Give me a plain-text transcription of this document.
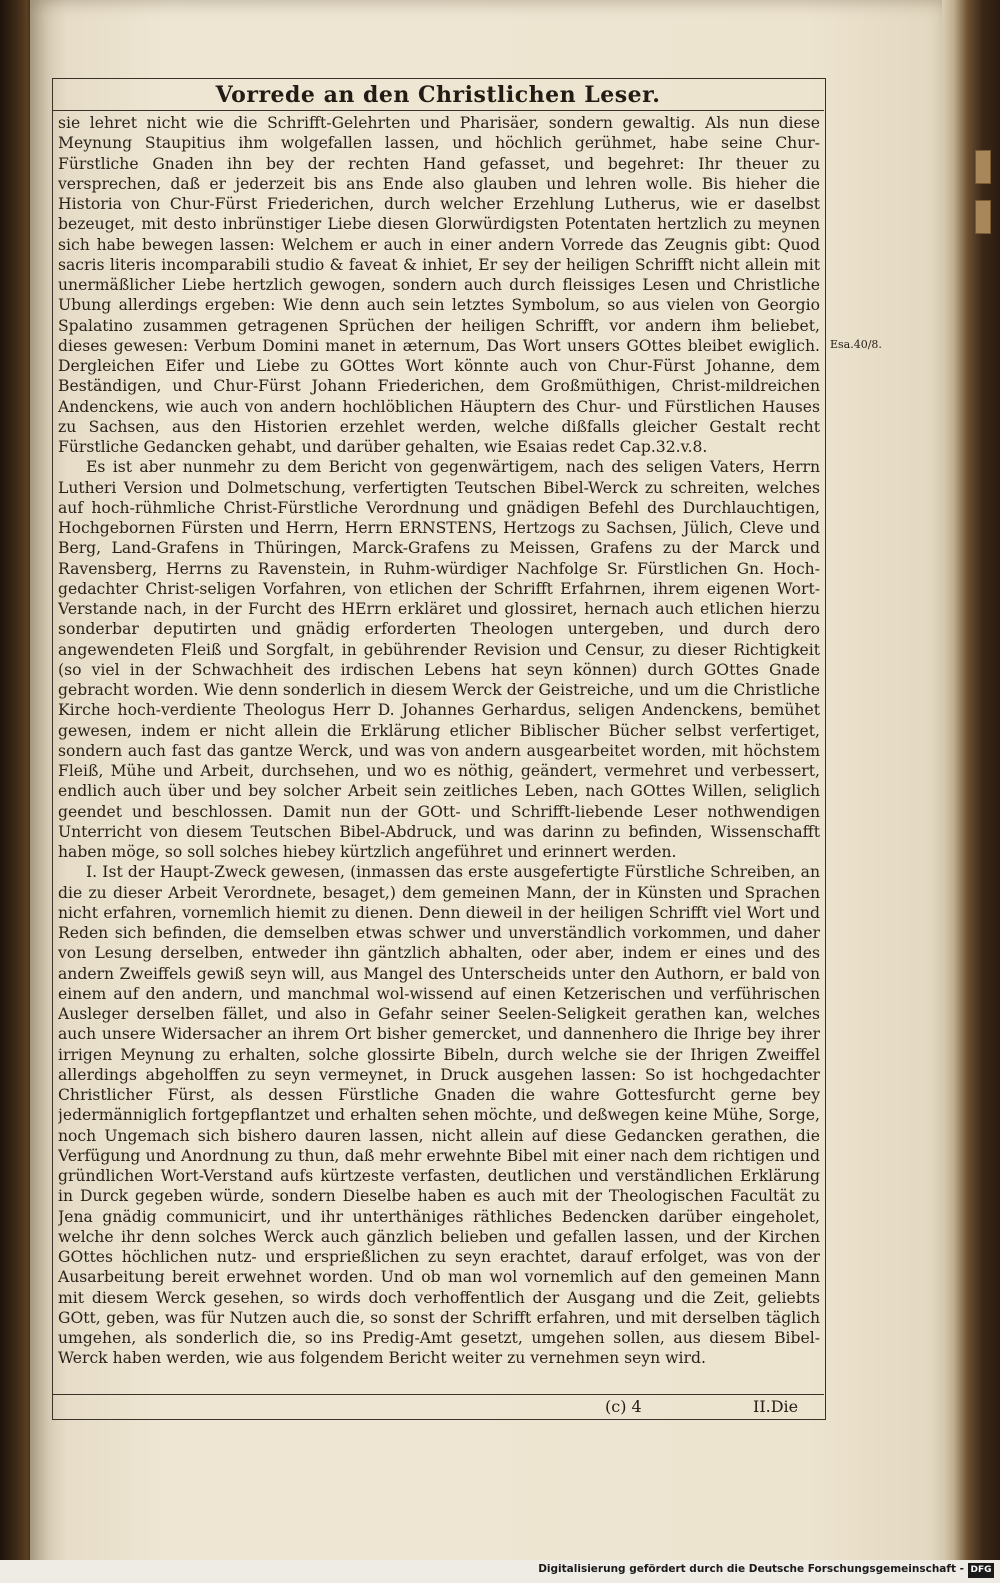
Vorrede an den Christlichen Leser.

sie lehret nicht wie die Schrifft-Gelehrten und Pharisäer, sondern gewaltig. Als nun diese Meynung Staupitius ihm wolgefallen lassen, und höchlich gerühmet, habe seine Chur-Fürstliche Gnaden ihn bey der rechten Hand gefasset, und begehret: Ihr theuer zu versprechen, daß er jederzeit bis ans Ende also glauben und lehren wolle. Bis hieher die Historia von Chur-Fürst Friederichen, durch welcher Erzehlung Lutherus, wie er daselbst bezeuget, mit desto inbrünstiger Liebe diesen Glorwürdigsten Potentaten hertzlich zu meynen sich habe bewegen lassen: Welchem er auch in einer andern Vorrede das Zeugnis gibt: Quod sacris literis incomparabili studio & faveat & inhiet, Er sey der heiligen Schrifft nicht allein mit unermäßlicher Liebe hertzlich gewogen, sondern auch durch fleissiges Lesen und Christliche Ubung allerdings ergeben: Wie denn auch sein letztes Symbolum, so aus vielen von Georgio Spalatino zusammen getragenen Sprüchen der heiligen Schrifft, vor andern ihm beliebet, dieses gewesen: Verbum Domini manet in æternum, Das Wort unsers GOttes bleibet ewiglich. Dergleichen Eifer und Liebe zu GOttes Wort könnte auch von Chur-Fürst Johanne, dem Beständigen, und Chur-Fürst Johann Friederichen, dem Großmüthigen, Christ-mildreichen Andenckens, wie auch von andern hochlöblichen Häuptern des Chur- und Fürstlichen Hauses zu Sachsen, aus den Historien erzehlet werden, welche dißfalls gleicher Gestalt recht Fürstliche Gedancken gehabt, und darüber gehalten, wie Esaias redet Cap.32.v.8.

Es ist aber nunmehr zu dem Bericht von gegenwärtigem, nach des seligen Vaters, Herrn Lutheri Version und Dolmetschung, verfertigten Teutschen Bibel-Werck zu schreiten, welches auf hoch-rühmliche Christ-Fürstliche Verordnung und gnädigen Befehl des Durchlauchtigen, Hochgebornen Fürsten und Herrn, Herrn ERNSTENS, Hertzogs zu Sachsen, Jülich, Cleve und Berg, Land-Grafens in Thüringen, Marck-Grafens zu Meissen, Grafens zu der Marck und Ravensberg, Herrns zu Ravenstein, in Ruhm-würdiger Nachfolge Sr. Fürstlichen Gn. Hoch-gedachter Christ-seligen Vorfahren, von etlichen der Schrifft Erfahrnen, ihrem eigenen Wort-Verstande nach, in der Furcht des HErrn erkläret und glossiret, hernach auch etlichen hierzu sonderbar deputirten und gnädig erforderten Theologen untergeben, und durch dero angewendeten Fleiß und Sorgfalt, in gebührender Revision und Censur, zu dieser Richtigkeit (so viel in der Schwachheit des irdischen Lebens hat seyn können) durch GOttes Gnade gebracht worden. Wie denn sonderlich in diesem Werck der Geistreiche, und um die Christliche Kirche hoch-verdiente Theologus Herr D. Johannes Gerhardus, seligen Andenckens, bemühet gewesen, indem er nicht allein die Erklärung etlicher Biblischer Bücher selbst verfertiget, sondern auch fast das gantze Werck, und was von andern ausgearbeitet worden, mit höchstem Fleiß, Mühe und Arbeit, durchsehen, und wo es nöthig, geändert, vermehret und verbessert, endlich auch über und bey solcher Arbeit sein zeitliches Leben, nach GOttes Willen, seliglich geendet und beschlossen. Damit nun der GOtt- und Schrifft-liebende Leser nothwendigen Unterricht von diesem Teutschen Bibel-Abdruck, und was darinn zu befinden, Wissenschafft haben möge, so soll solches hiebey kürtzlich angeführet und erinnert werden.

I. Ist der Haupt-Zweck gewesen, (inmassen das erste ausgefertigte Fürstliche Schreiben, an die zu dieser Arbeit Verordnete, besaget,) dem gemeinen Mann, der in Künsten und Sprachen nicht erfahren, vornemlich hiemit zu dienen. Denn dieweil in der heiligen Schrifft viel Wort und Reden sich befinden, die demselben etwas schwer und unverständlich vorkommen, und daher von Lesung derselben, entweder ihn gäntzlich abhalten, oder aber, indem er eines und des andern Zweiffels gewiß seyn will, aus Mangel des Unterscheids unter den Authorn, er bald von einem auf den andern, und manchmal wol-wissend auf einen Ketzerischen und verführischen Ausleger derselben fället, und also in Gefahr seiner Seelen-Seligkeit gerathen kan, welches auch unsere Widersacher an ihrem Ort bisher gemercket, und dannenhero die Ihrige bey ihrer irrigen Meynung zu erhalten, solche glossirte Bibeln, durch welche sie der Ihrigen Zweiffel allerdings abgeholffen zu seyn vermeynet, in Druck ausgehen lassen: So ist hochgedachter Christlicher Fürst, als dessen Fürstliche Gnaden die wahre Gottesfurcht gerne bey jedermänniglich fortgepflantzet und erhalten sehen möchte, und deßwegen keine Mühe, Sorge, noch Ungemach sich bishero dauren lassen, nicht allein auf diese Gedancken gerathen, die Verfügung und Anordnung zu thun, daß mehr erwehnte Bibel mit einer nach dem richtigen und gründlichen Wort-Verstand aufs kürtzeste verfasten, deutlichen und verständlichen Erklärung in Durck gegeben würde, sondern Dieselbe haben es auch mit der Theologischen Facultät zu Jena gnädig communicirt, und ihr unterthäniges räthliches Bedencken darüber eingeholet, welche ihr denn solches Werck auch gänzlich belieben und gefallen lassen, und der Kirchen GOttes höchlichen nutz- und ersprießlichen zu seyn erachtet, darauf erfolget, was von der Ausarbeitung bereit erwehnet worden. Und ob man wol vornemlich auf den gemeinen Mann mit diesem Werck gesehen, so wirds doch verhoffentlich der Ausgang und die Zeit, geliebts GOtt, geben, was für Nutzen auch die, so sonst der Schrifft erfahren, und mit derselben täglich umgehen, als sonderlich die, so ins Predig-Amt gesetzt, umgehen sollen, aus diesem Bibel-Werck haben werden, wie aus folgendem Bericht weiter zu vernehmen seyn wird.

Esa.40/8.
(c) 4	II.Die
Digitalisierung gefördert durch die Deutsche Forschungsgemeinschaft - DFG
